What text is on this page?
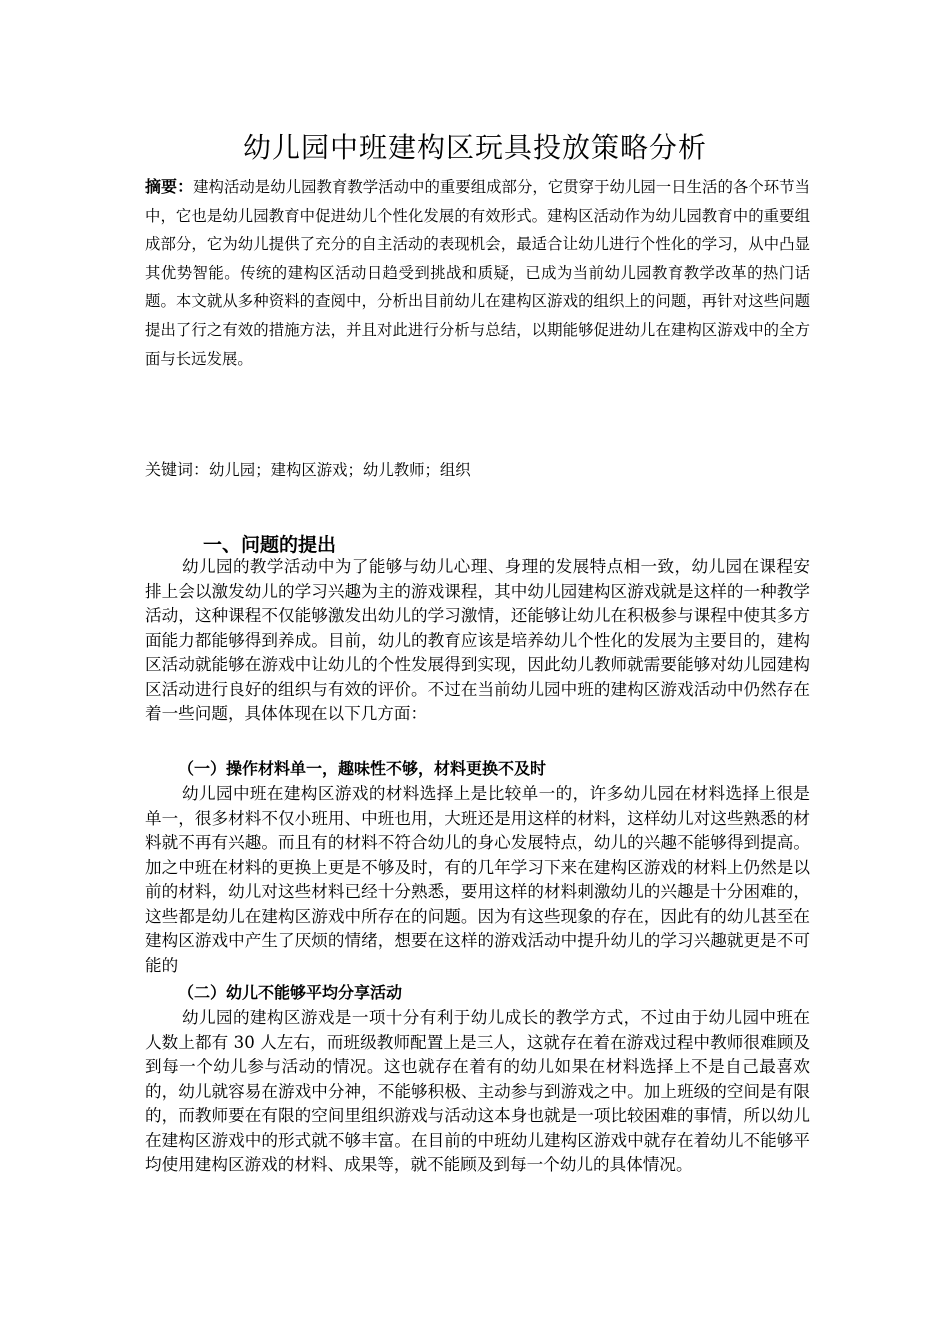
幼儿园中班建构区玩具投放策略分析

摘要：建构活动是幼儿园教育教学活动中的重要组成部分，它贯穿于幼儿园一日生活的各个环节当中，它也是幼儿园教育中促进幼儿个性化发展的有效形式。建构区活动作为幼儿园教育中的重要组成部分，它为幼儿提供了充分的自主活动的表现机会，最适合让幼儿进行个性化的学习，从中凸显其优势智能。传统的建构区活动日趋受到挑战和质疑，已成为当前幼儿园教育教学改革的热门话题。本文就从多种资料的查阅中，分析出目前幼儿在建构区游戏的组织上的问题，再针对这些问题提出了行之有效的措施方法，并且对此进行分析与总结，以期能够促进幼儿在建构区游戏中的全方面与长远发展。

关键词：幼儿园；建构区游戏；幼儿教师；组织

一、问题的提出

幼儿园的教学活动中为了能够与幼儿心理、身理的发展特点相一致，幼儿园在课程安排上会以激发幼儿的学习兴趣为主的游戏课程，其中幼儿园建构区游戏就是这样的一种教学活动，这种课程不仅能够激发出幼儿的学习激情，还能够让幼儿在积极参与课程中使其多方面能力都能够得到养成。目前，幼儿的教育应该是培养幼儿个性化的发展为主要目的，建构区活动就能够在游戏中让幼儿的个性发展得到实现，因此幼儿教师就需要能够对幼儿园建构区活动进行良好的组织与有效的评价。不过在当前幼儿园中班的建构区游戏活动中仍然存在着一些问题，具体体现在以下几方面：

（一）操作材料单一，趣味性不够，材料更换不及时

幼儿园中班在建构区游戏的材料选择上是比较单一的，许多幼儿园在材料选择上很是单一，很多材料不仅小班用、中班也用，大班还是用这样的材料，这样幼儿对这些熟悉的材料就不再有兴趣。而且有的材料不符合幼儿的身心发展特点，幼儿的兴趣不能够得到提高。加之中班在材料的更换上更是不够及时，有的几年学习下来在建构区游戏的材料上仍然是以前的材料，幼儿对这些材料已经十分熟悉，要用这样的材料刺激幼儿的兴趣是十分困难的，这些都是幼儿在建构区游戏中所存在的问题。因为有这些现象的存在，因此有的幼儿甚至在建构区游戏中产生了厌烦的情绪，想要在这样的游戏活动中提升幼儿的学习兴趣就更是不可能的

（二）幼儿不能够平均分享活动

幼儿园的建构区游戏是一项十分有利于幼儿成长的教学方式，不过由于幼儿园中班在人数上都有 30 人左右，而班级教师配置上是三人，这就存在着在游戏过程中教师很难顾及到每一个幼儿参与活动的情况。这也就存在着有的幼儿如果在材料选择上不是自己最喜欢的，幼儿就容易在游戏中分神，不能够积极、主动参与到游戏之中。加上班级的空间是有限的，而教师要在有限的空间里组织游戏与活动这本身也就是一项比较困难的事情，所以幼儿在建构区游戏中的形式就不够丰富。在目前的中班幼儿建构区游戏中就存在着幼儿不能够平均使用建构区游戏的材料、成果等，就不能顾及到每一个幼儿的具体情况。
